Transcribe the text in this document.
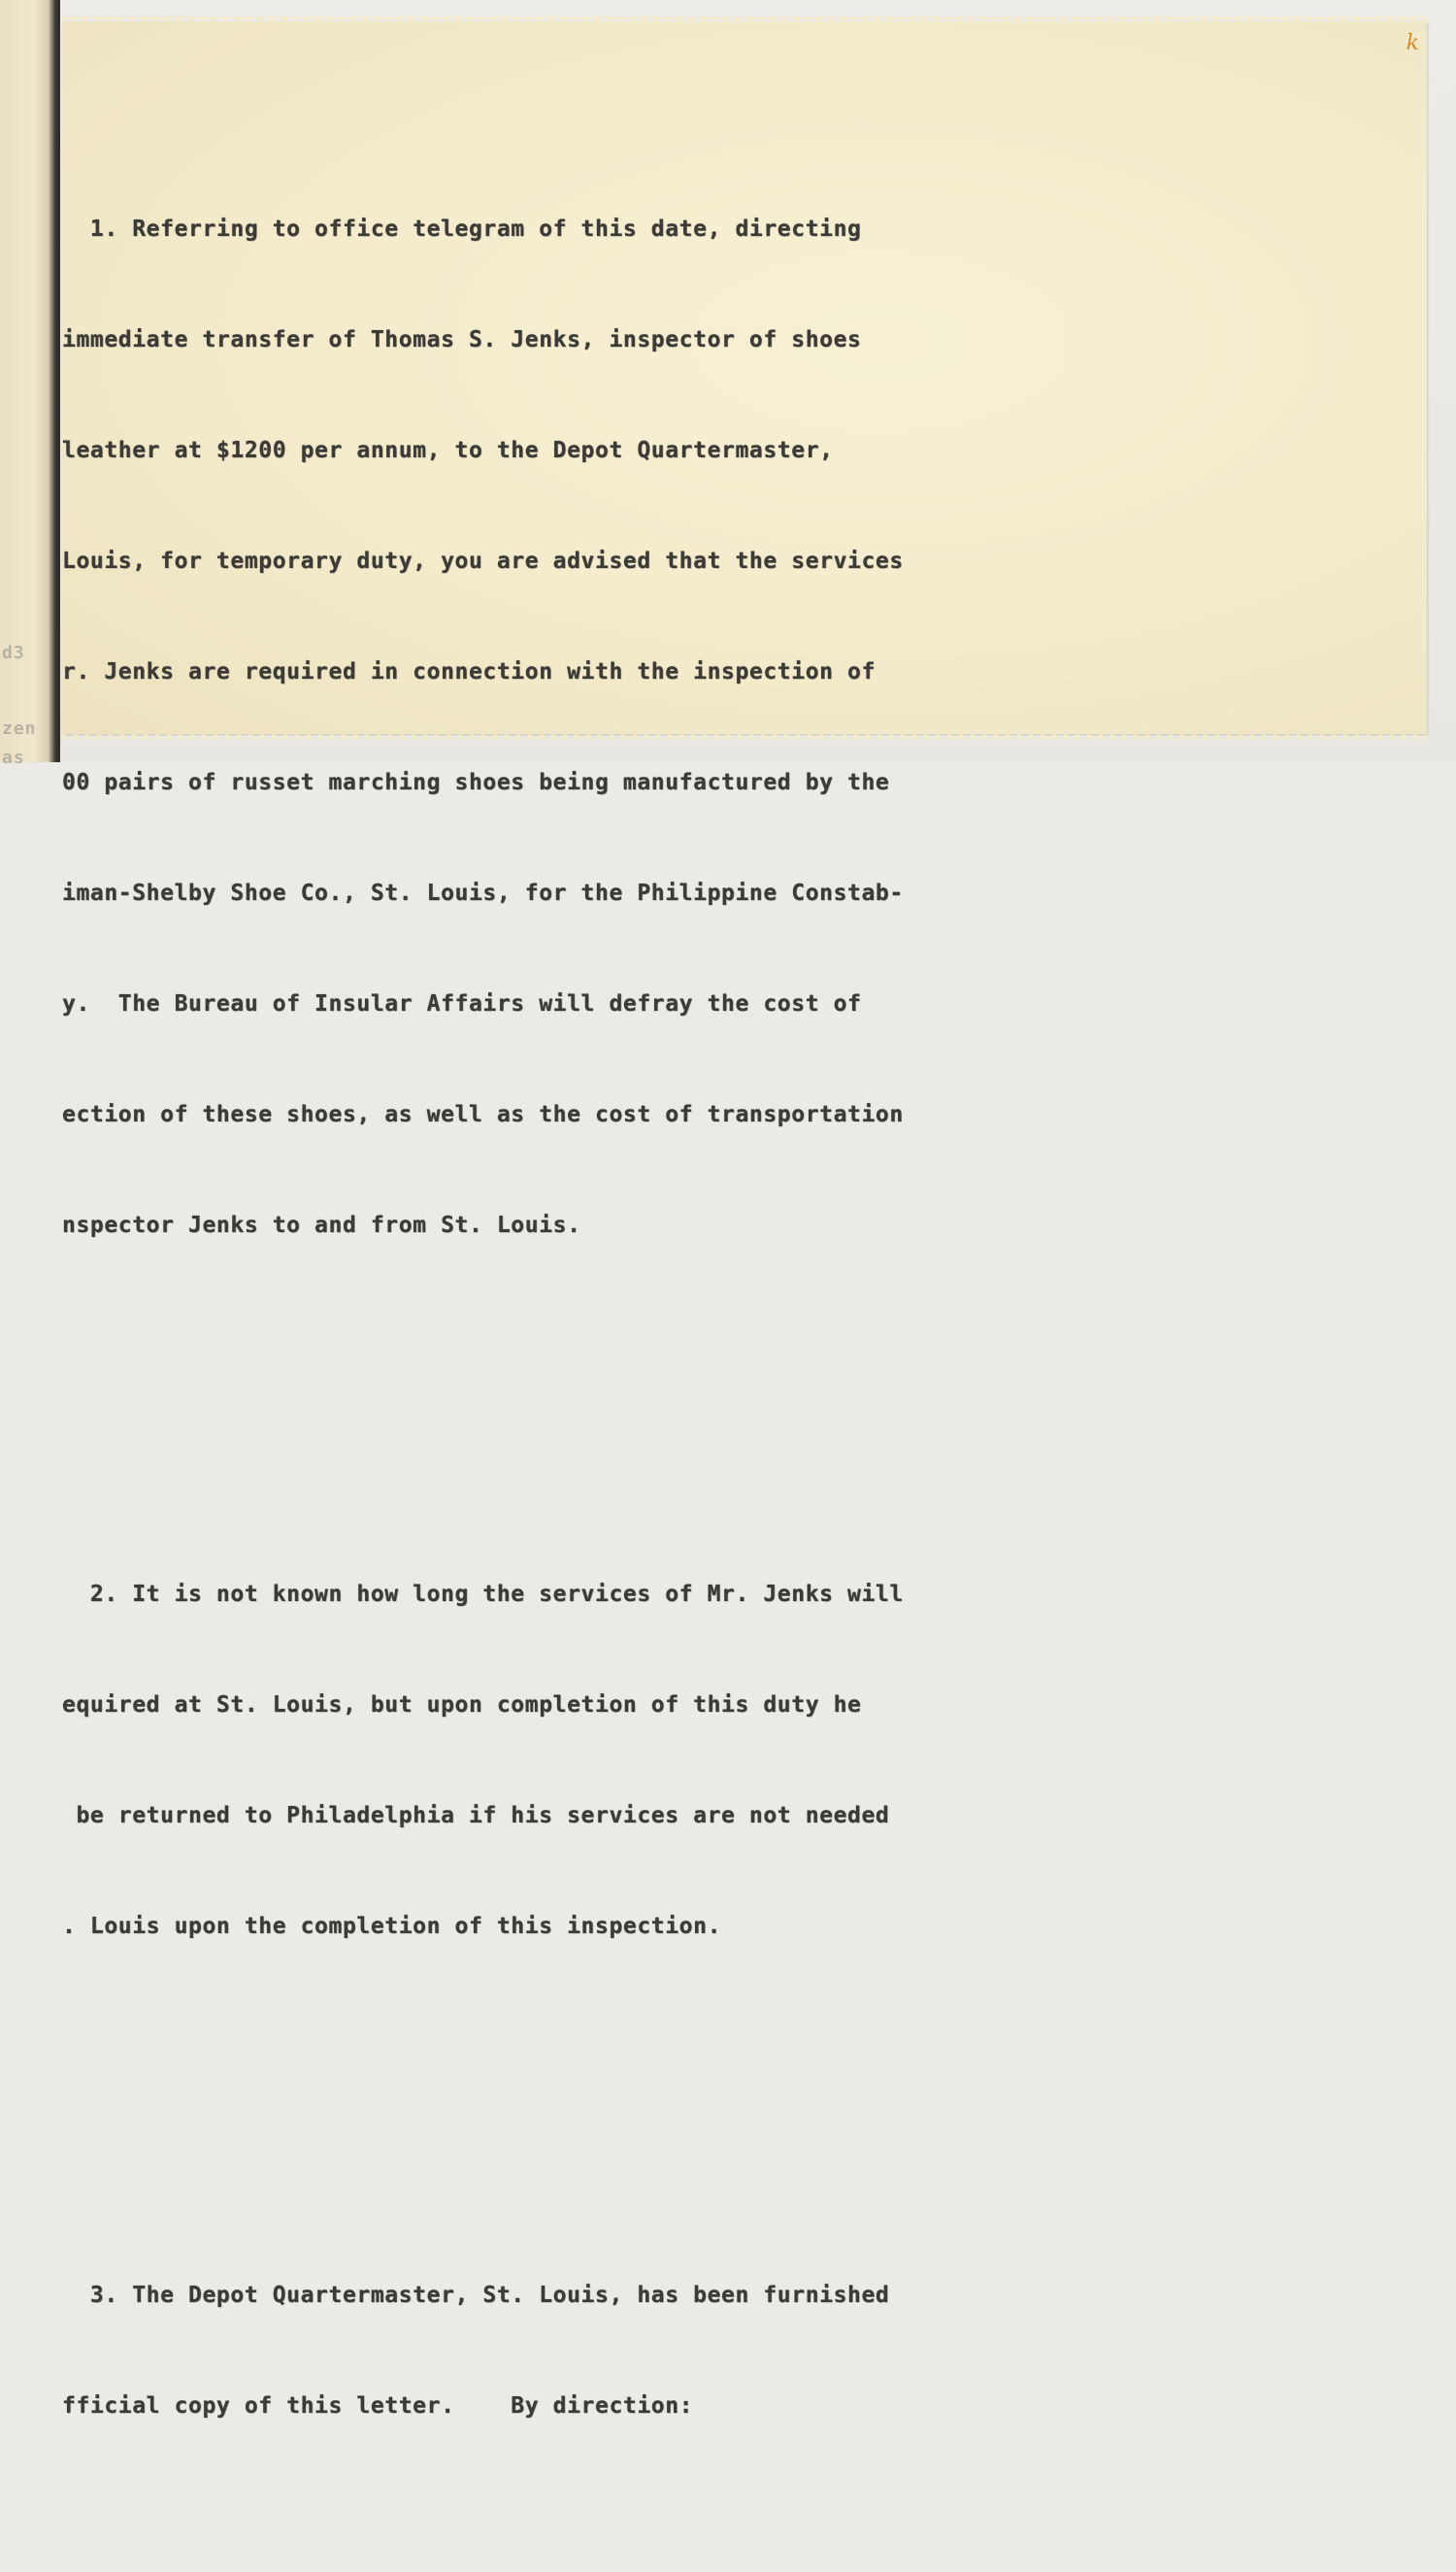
d3
zen
as
k

1. Referring to office telegram of this date, directing

immediate transfer of Thomas S. Jenks, inspector of shoes

leather at $1200 per annum, to the Depot Quartermaster,

Louis, for temporary duty, you are advised that the services

r. Jenks are required in connection with the inspection of

00 pairs of russet marching shoes being manufactured by the

iman-Shelby Shoe Co., St. Louis, for the Philippine Constab-

y.  The Bureau of Insular Affairs will defray the cost of

ection of these shoes, as well as the cost of transportation

nspector Jenks to and from St. Louis.

2. It is not known how long the services of Mr. Jenks will

equired at St. Louis, but upon completion of this duty he

be returned to Philadelphia if his services are not needed

. Louis upon the completion of this inspection.

3. The Depot Quartermaster, St. Louis, has been furnished

fficial copy of this letter.    By direction:
